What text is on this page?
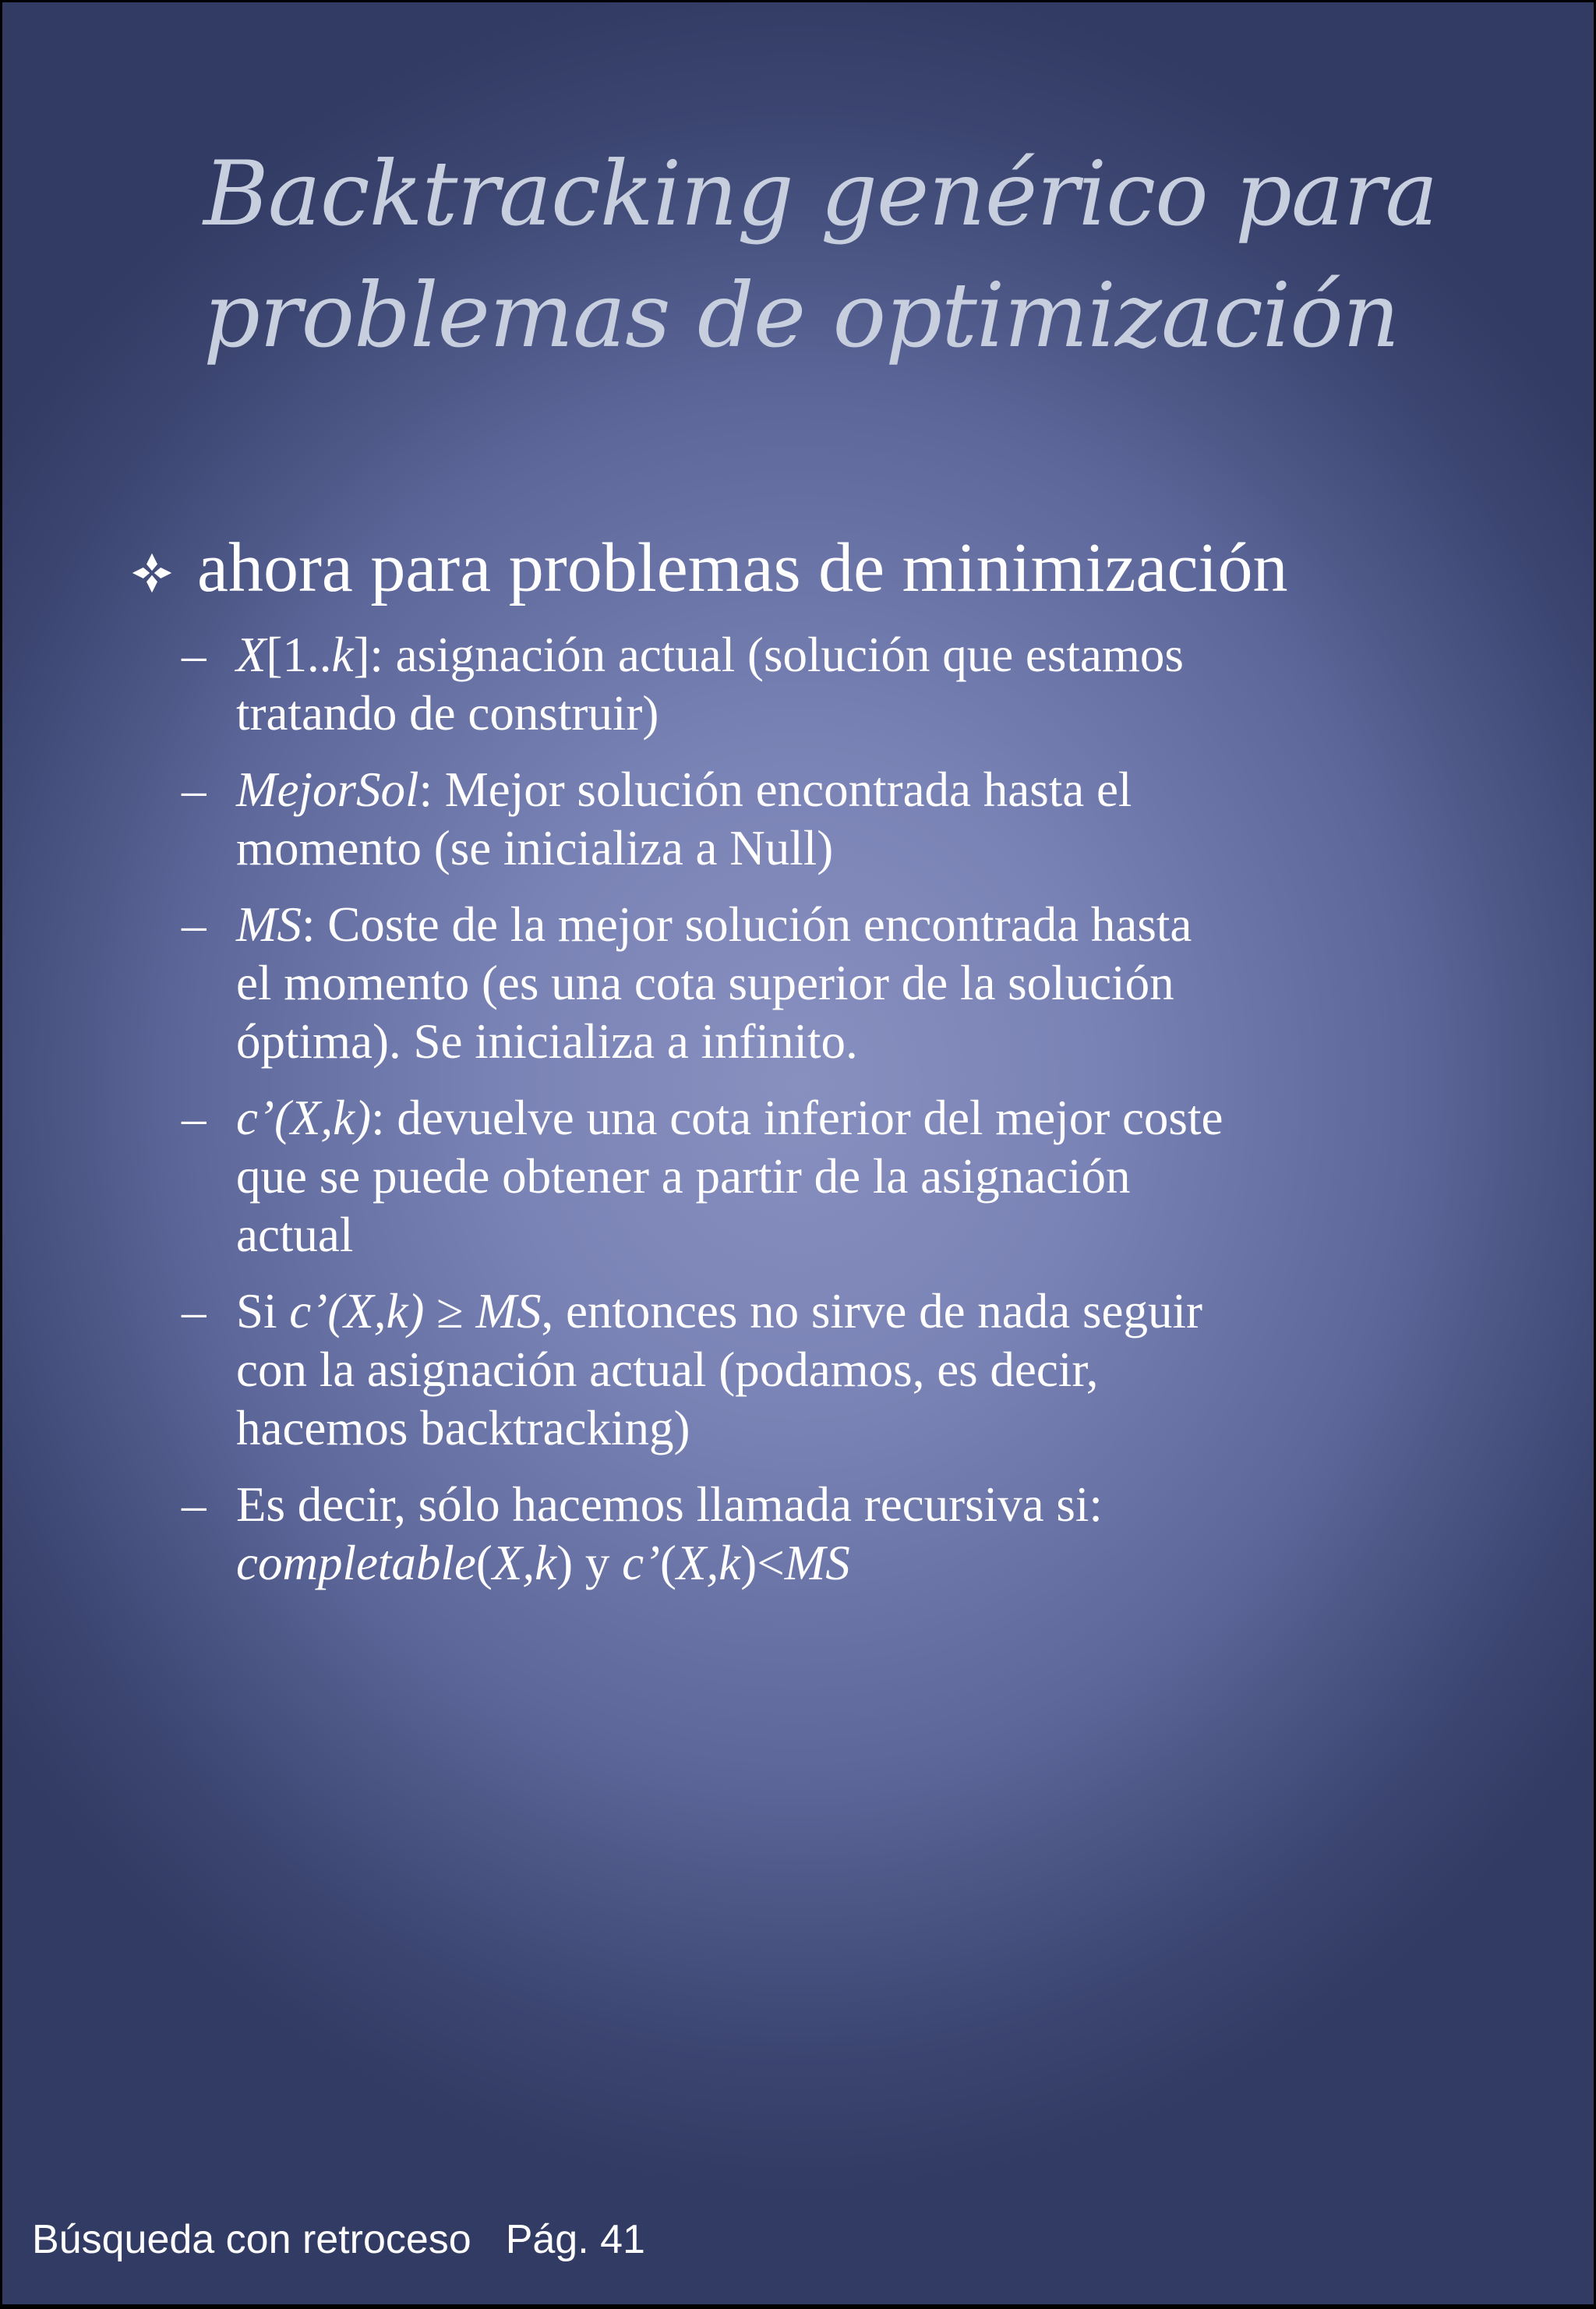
Backtracking genérico para
problemas de optimización
ahora para problemas de minimización
– X[1..k]: asignación actual (solución que estamos
tratando de construir)
– MejorSol: Mejor solución encontrada hasta el
momento (se inicializa a Null)
– MS: Coste de la mejor solución encontrada hasta
el momento (es una cota superior de la solución
óptima). Se inicializa a infinito.
– c’(X,k): devuelve una cota inferior del mejor coste
que se puede obtener a partir de la asignación
actual
– Si c’(X,k) ≥ MS, entonces no sirve de nada seguir
con la asignación actual (podamos, es decir,
hacemos backtracking)
– Es decir, sólo hacemos llamada recursiva si:
completable(X,k) y c’(X,k)<MS
Búsqueda con retroceso Pág. 41
